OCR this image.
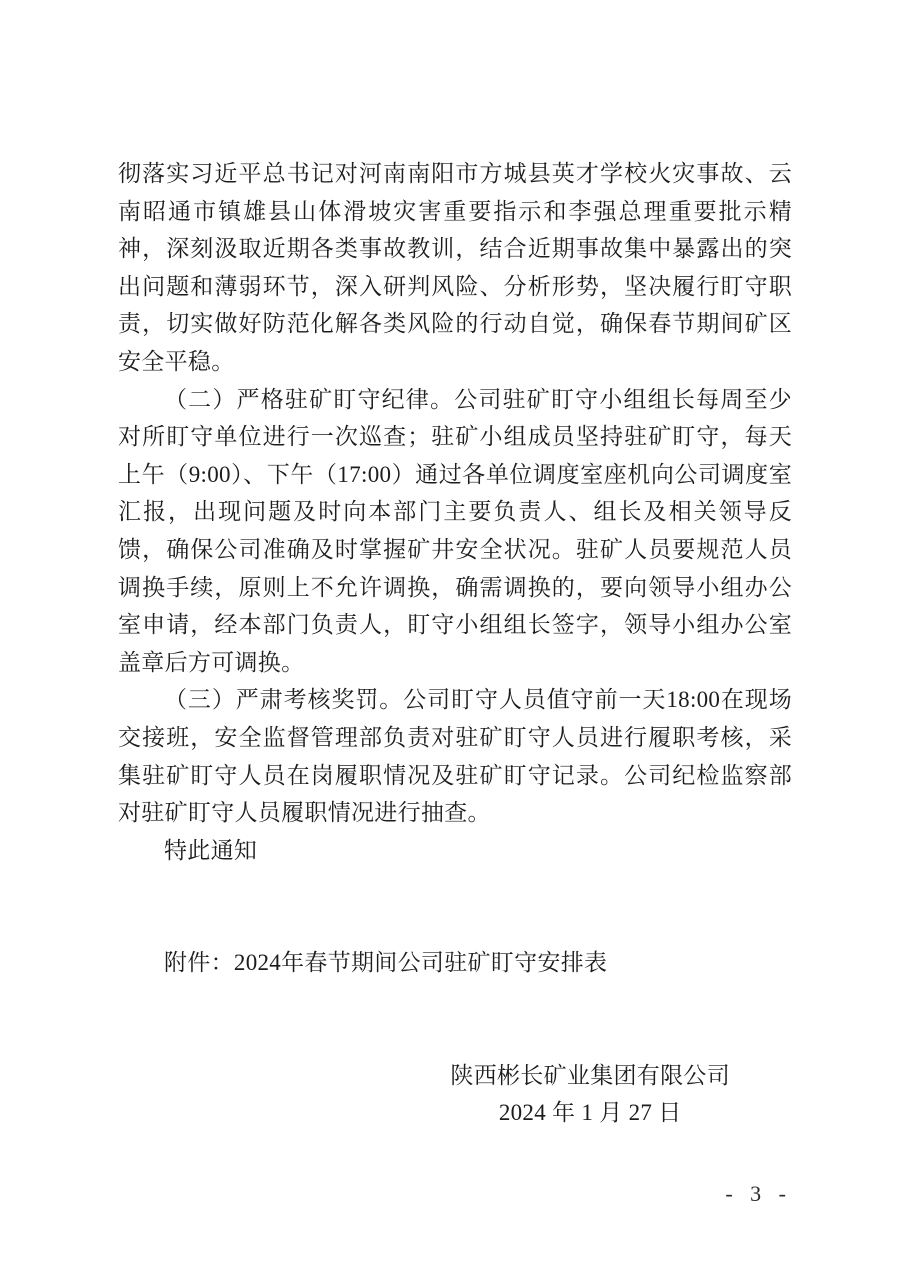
彻落实习近平总书记对河南南阳市方城县英才学校火灾事故、云南昭通市镇雄县山体滑坡灾害重要指示和李强总理重要批示精神，深刻汲取近期各类事故教训，结合近期事故集中暴露出的突出问题和薄弱环节，深入研判风险、分析形势，坚决履行盯守职责，切实做好防范化解各类风险的行动自觉，确保春节期间矿区安全平稳。

（二）严格驻矿盯守纪律。公司驻矿盯守小组组长每周至少对所盯守单位进行一次巡查；驻矿小组成员坚持驻矿盯守，每天上午（9:00）、下午（17:00）通过各单位调度室座机向公司调度室汇报，出现问题及时向本部门主要负责人、组长及相关领导反馈，确保公司准确及时掌握矿井安全状况。驻矿人员要规范人员调换手续，原则上不允许调换，确需调换的，要向领导小组办公室申请，经本部门负责人，盯守小组组长签字，领导小组办公室盖章后方可调换。

（三）严肃考核奖罚。公司盯守人员值守前一天18:00在现场交接班，安全监督管理部负责对驻矿盯守人员进行履职考核，采集驻矿盯守人员在岗履职情况及驻矿盯守记录。公司纪检监察部对驻矿盯守人员履职情况进行抽查。

特此通知

附件：2024年春节期间公司驻矿盯守安排表

陕西彬长矿业集团有限公司
2024 年 1 月 27 日
- 3 -
